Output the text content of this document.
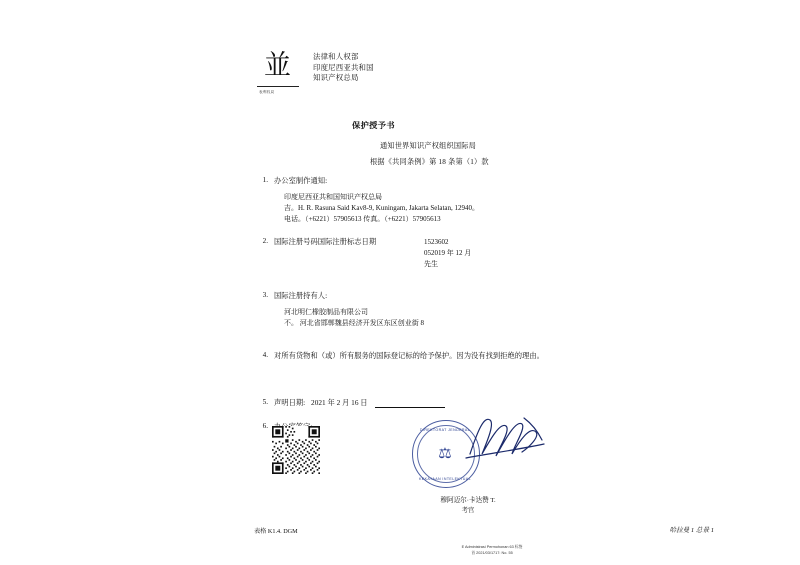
並
表利权局
法律和人权部
印度尼西亚共和国
知识产权总局
保护授予书
通知世界知识产权组织国际局
根据《共同条例》第 18 条第（1）款
1. 办公室制作通知:
印度尼西亚共和国知识产权总局
吉。H. R. Rasuna Said Kav8-9, Kuningam, Jakarta Selatan, 12940。
电话。（+6221）57905613 传真。（+6221）57905613
2. 国际注册号码国际注册标志日期	1523602
052019 年 12 月
先生
3. 国际注册持有人:
河北明仁橡胶制品有限公司
不。 河北省邯郸魏县经济开发区东区创业街 8
4. 对所有货物和（或）所有服务的国际登记标的给予保护。因为没有找到拒绝的理由。
5. 声明日期: 2021 年 2 月 16 日
6.	DIREKTORAT JENDERAL
⚖
KEKAYAAN INTELEKTUAL
穆阿迈尔·卡达赞 T.
考官
表格 K1.4. DGM	哈拉曼 1 总景 1
E Administrasi Permohonan 63 标签
首 2021/03/1717: No. 55
